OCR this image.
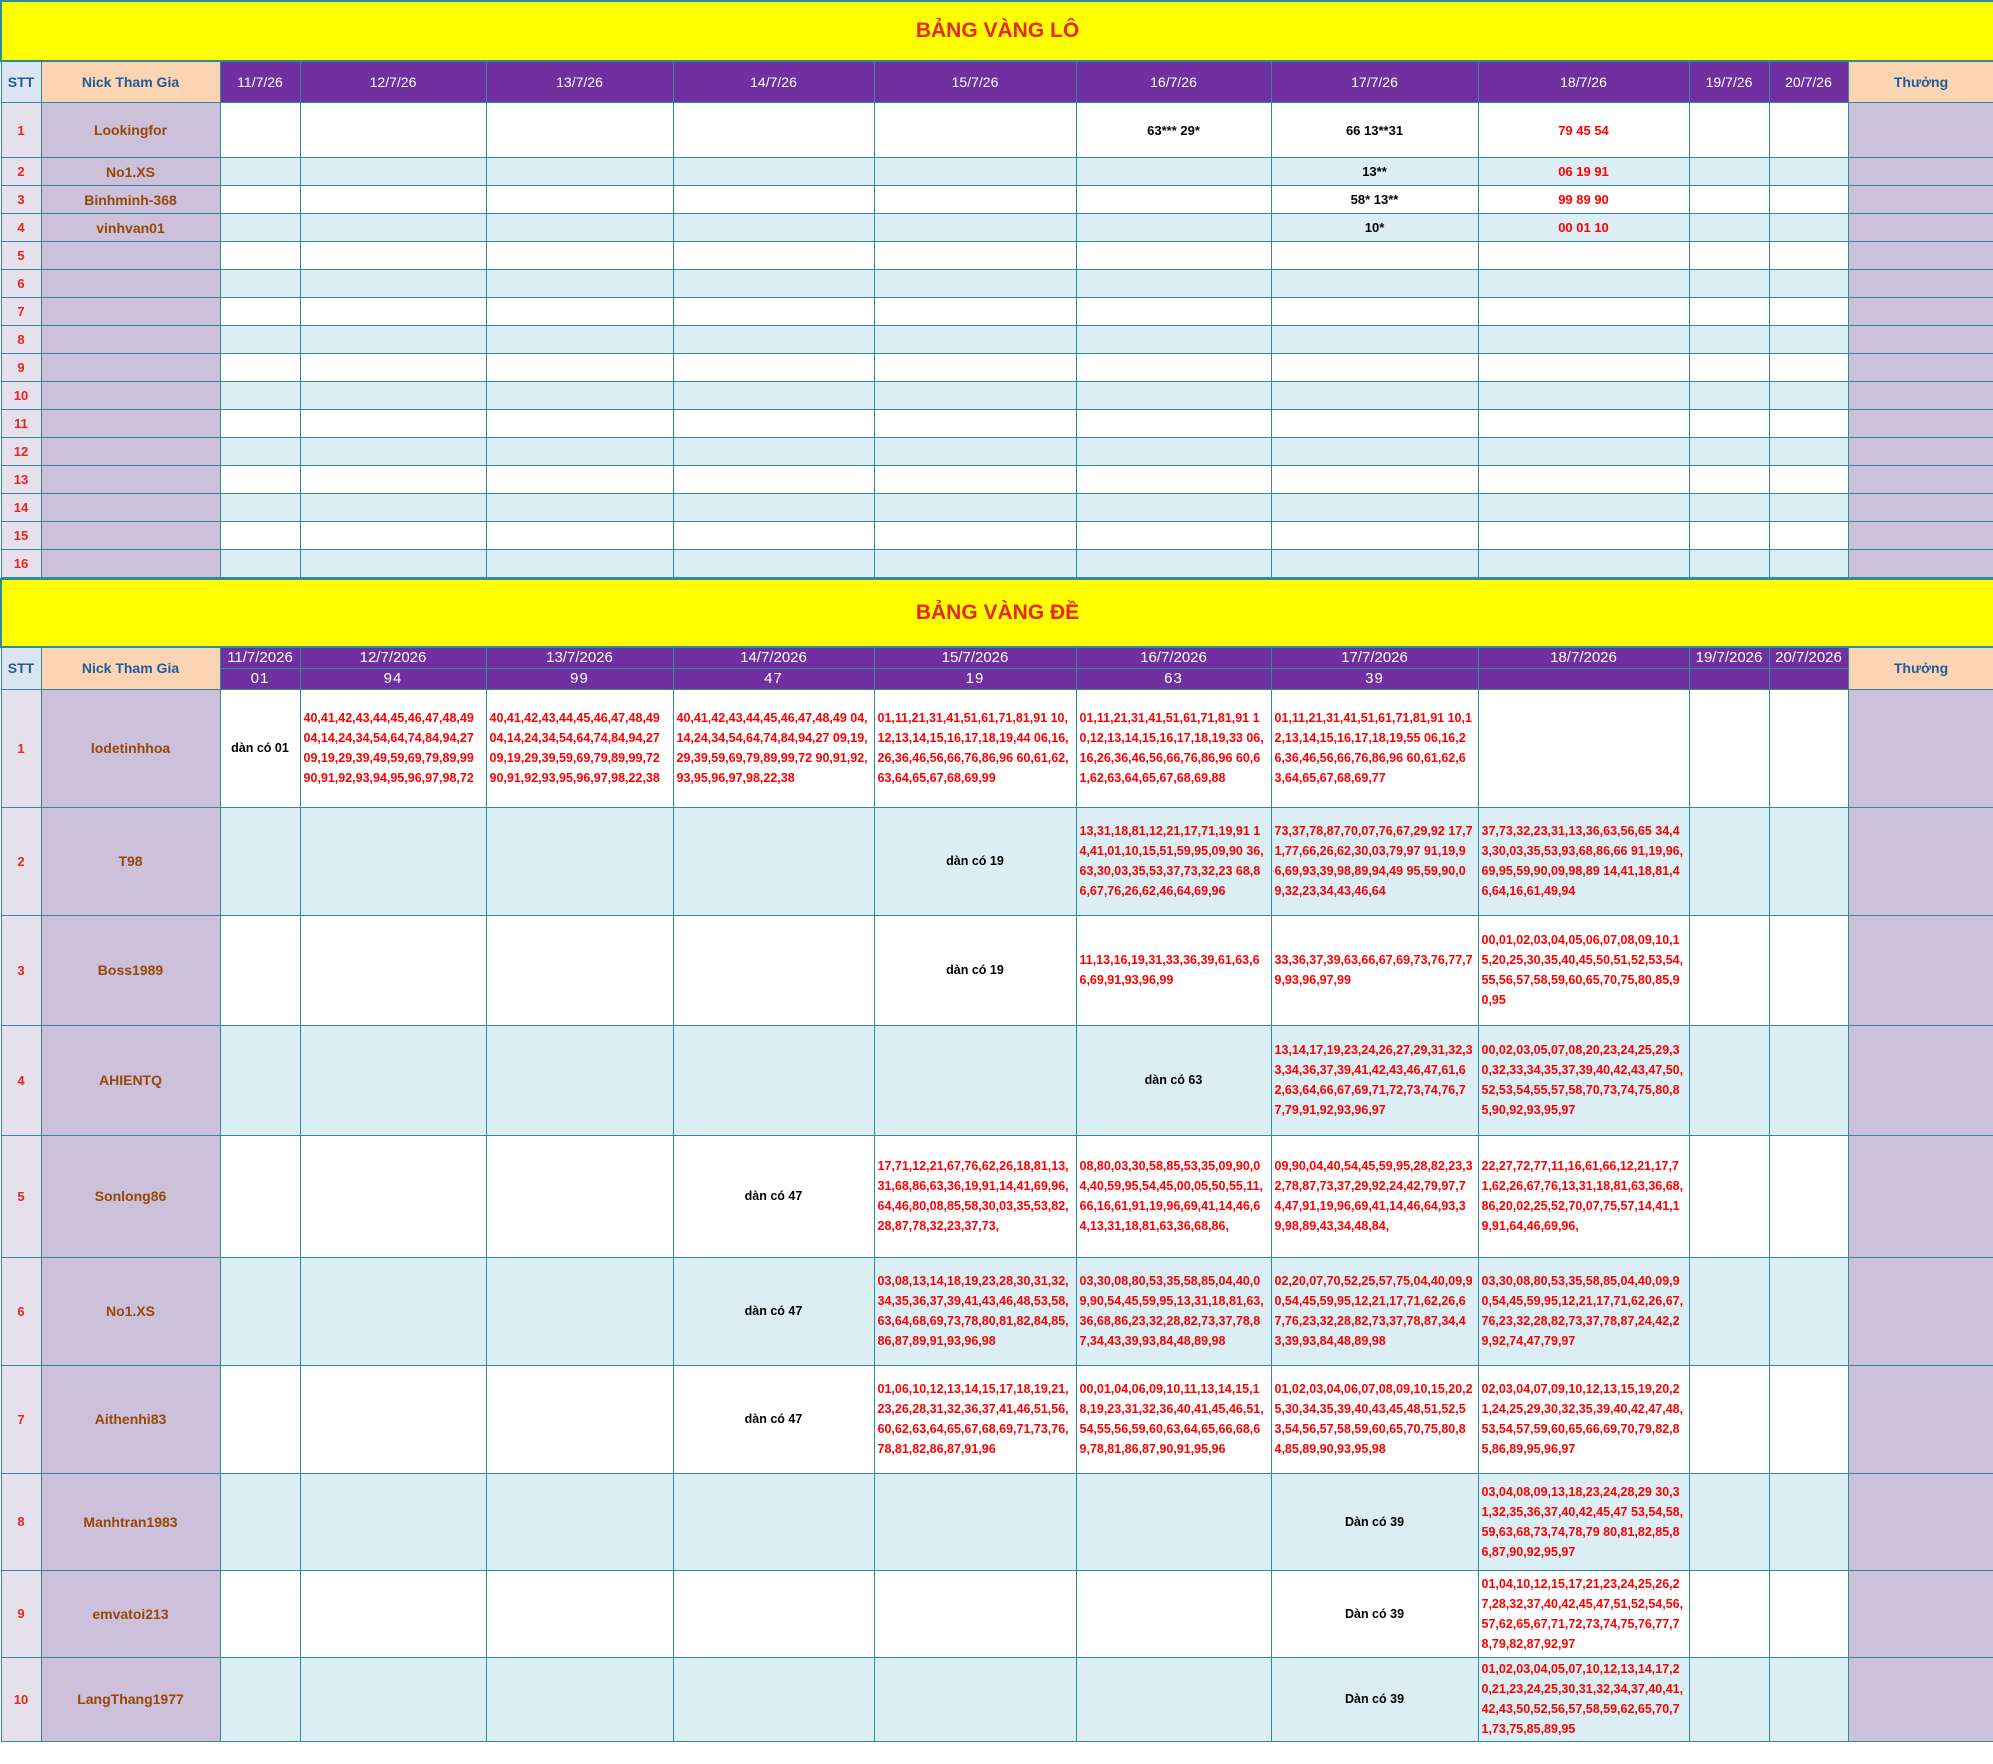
BẢNG VÀNG LÔ												
STT	Nick Tham Gia	11/7/26	12/7/26	13/7/26	14/7/26	15/7/26	16/7/26	17/7/26	18/7/26	19/7/26	20/7/26	Thưởng
1	Lookingfor						63*** 29*	66 13**31	79 45 54			
2	No1.XS							13**	06 19 91			
3	Binhminh-368							58* 13**	99 89 90			
4	vinhvan01							10*	00 01 10			
5												
6												
7												
8												
9												
10												
11												
12												
13												
14												
15												
16												
BẢNG VÀNG ĐỀ												
STT	Nick Tham Gia	11/7/2026	12/7/2026	13/7/2026	14/7/2026	15/7/2026	16/7/2026	17/7/2026	18/7/2026	19/7/2026	20/7/2026	Thưởng
		01	94	99	47	19	63	39				
1	lodetinhhoa	dàn có 01	40,41,42,43,44,45,46,47,48,49 04,14,24,34,54,64,74,84,94,27 09,19,29,39,49,59,69,79,89,99 90,91,92,93,94,95,96,97,98,72	40,41,42,43,44,45,46,47,48,49 04,14,24,34,54,64,74,84,94,27 09,19,29,39,59,69,79,89,99,72 90,91,92,93,95,96,97,98,22,38	40,41,42,43,44,45,46,47,48,49 04,14,24,34,54,64,74,84,94,27 09,19,29,39,59,69,79,89,99,72 90,91,92,93,95,96,97,98,22,38	01,11,21,31,41,51,61,71,81,91 10,12,13,14,15,16,17,18,19,44 06,16,26,36,46,56,66,76,86,96 60,61,62,63,64,65,67,68,69,99	01,11,21,31,41,51,61,71,81,91 10,12,13,14,15,16,17,18,19,33 06,16,26,36,46,56,66,76,86,96 60,61,62,63,64,65,67,68,69,88	01,11,21,31,41,51,61,71,81,91 10,12,13,14,15,16,17,18,19,55 06,16,26,36,46,56,66,76,86,96 60,61,62,63,64,65,67,68,69,77				
2	T98					dàn có 19	13,31,18,81,12,21,17,71,19,91 14,41,01,10,15,51,59,95,09,90 36,63,30,03,35,53,37,73,32,23 68,86,67,76,26,62,46,64,69,96	73,37,78,87,70,07,76,67,29,92 17,71,77,66,26,62,30,03,79,97 91,19,96,69,93,39,98,89,94,49 95,59,90,09,32,23,34,43,46,64	37,73,32,23,31,13,36,63,56,65 34,43,30,03,35,53,93,68,86,66 91,19,96,69,95,59,90,09,98,89 14,41,18,81,46,64,16,61,49,94			
3	Boss1989					dàn có 19	11,13,16,19,31,33,36,39,61,63,66,69,91,93,96,99	33,36,37,39,63,66,67,69,73,76,77,79,93,96,97,99	00,01,02,03,04,05,06,07,08,09,10,15,20,25,30,35,40,45,50,51,52,53,54,55,56,57,58,59,60,65,70,75,80,85,90,95			
4	AHIENTQ						dàn có 63	13,14,17,19,23,24,26,27,29,31,32,33,34,36,37,39,41,42,43,46,47,61,62,63,64,66,67,69,71,72,73,74,76,77,79,91,92,93,96,97	00,02,03,05,07,08,20,23,24,25,29,30,32,33,34,35,37,39,40,42,43,47,50,52,53,54,55,57,58,70,73,74,75,80,85,90,92,93,95,97			
5	Sonlong86				dàn có 47	17,71,12,21,67,76,62,26,18,81,13,31,68,86,63,36,19,91,14,41,69,96,64,46,80,08,85,58,30,03,35,53,82,28,87,78,32,23,37,73,	08,80,03,30,58,85,53,35,09,90,04,40,59,95,54,45,00,05,50,55,11,66,16,61,91,19,96,69,41,14,46,64,13,31,18,81,63,36,68,86,	09,90,04,40,54,45,59,95,28,82,23,32,78,87,73,37,29,92,24,42,79,97,74,47,91,19,96,69,41,14,46,64,93,39,98,89,43,34,48,84,	22,27,72,77,11,16,61,66,12,21,17,71,62,26,67,76,13,31,18,81,63,36,68,86,20,02,25,52,70,07,75,57,14,41,19,91,64,46,69,96,			
6	No1.XS				dàn có 47	03,08,13,14,18,19,23,28,30,31,32,34,35,36,37,39,41,43,46,48,53,58,63,64,68,69,73,78,80,81,82,84,85,86,87,89,91,93,96,98	03,30,08,80,53,35,58,85,04,40,09,90,54,45,59,95,13,31,18,81,63,36,68,86,23,32,28,82,73,37,78,87,34,43,39,93,84,48,89,98	02,20,07,70,52,25,57,75,04,40,09,90,54,45,59,95,12,21,17,71,62,26,67,76,23,32,28,82,73,37,78,87,34,43,39,93,84,48,89,98	03,30,08,80,53,35,58,85,04,40,09,90,54,45,59,95,12,21,17,71,62,26,67,76,23,32,28,82,73,37,78,87,24,42,29,92,74,47,79,97			
7	Aithenhi83				dàn có 47	01,06,10,12,13,14,15,17,18,19,21,23,26,28,31,32,36,37,41,46,51,56,60,62,63,64,65,67,68,69,71,73,76,78,81,82,86,87,91,96	00,01,04,06,09,10,11,13,14,15,18,19,23,31,32,36,40,41,45,46,51,54,55,56,59,60,63,64,65,66,68,69,78,81,86,87,90,91,95,96	01,02,03,04,06,07,08,09,10,15,20,25,30,34,35,39,40,43,45,48,51,52,53,54,56,57,58,59,60,65,70,75,80,84,85,89,90,93,95,98	02,03,04,07,09,10,12,13,15,19,20,21,24,25,29,30,32,35,39,40,42,47,48,53,54,57,59,60,65,66,69,70,79,82,85,86,89,95,96,97			
8	Manhtran1983							Dàn có 39	03,04,08,09,13,18,23,24,28,29 30,31,32,35,36,37,40,42,45,47 53,54,58,59,63,68,73,74,78,79 80,81,82,85,86,87,90,92,95,97			
9	emvatoi213							Dàn có 39	01,04,10,12,15,17,21,23,24,25,26,27,28,32,37,40,42,45,47,51,52,54,56,57,62,65,67,71,72,73,74,75,76,77,78,79,82,87,92,97			
10	LangThang1977							Dàn có 39	01,02,03,04,05,07,10,12,13,14,17,20,21,23,24,25,30,31,32,34,37,40,41,42,43,50,52,56,57,58,59,62,65,70,71,73,75,85,89,95			
